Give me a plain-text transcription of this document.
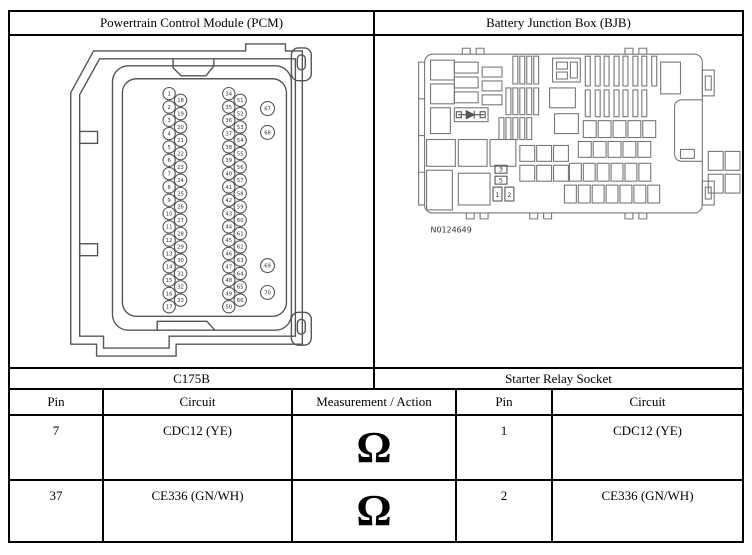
Powertrain Control Module (PCM)	Battery Junction Box (BJB)
1
2
3
4
5
6
7
8
9
10
11
12
13
14
15
16
17
18
19
20
21
22
23
24
25
26
27
28
29
30
31
32
33
34
35
36
37
38
39
40
41
42
43
44
45
46
47
48
49
50
51
52
53
54
55
56
57
58
59
60
61
62
63
64
65
66
67
68
69
70
3
5
1 2
N0124649
C175B	Starter Relay Socket
Pin	Circuit	Measurement / Action	Pin	Circuit
7	CDC12 (YE)	Ω	1	CDC12 (YE)
37	CE336 (GN/WH)	Ω	2	CE336 (GN/WH)
